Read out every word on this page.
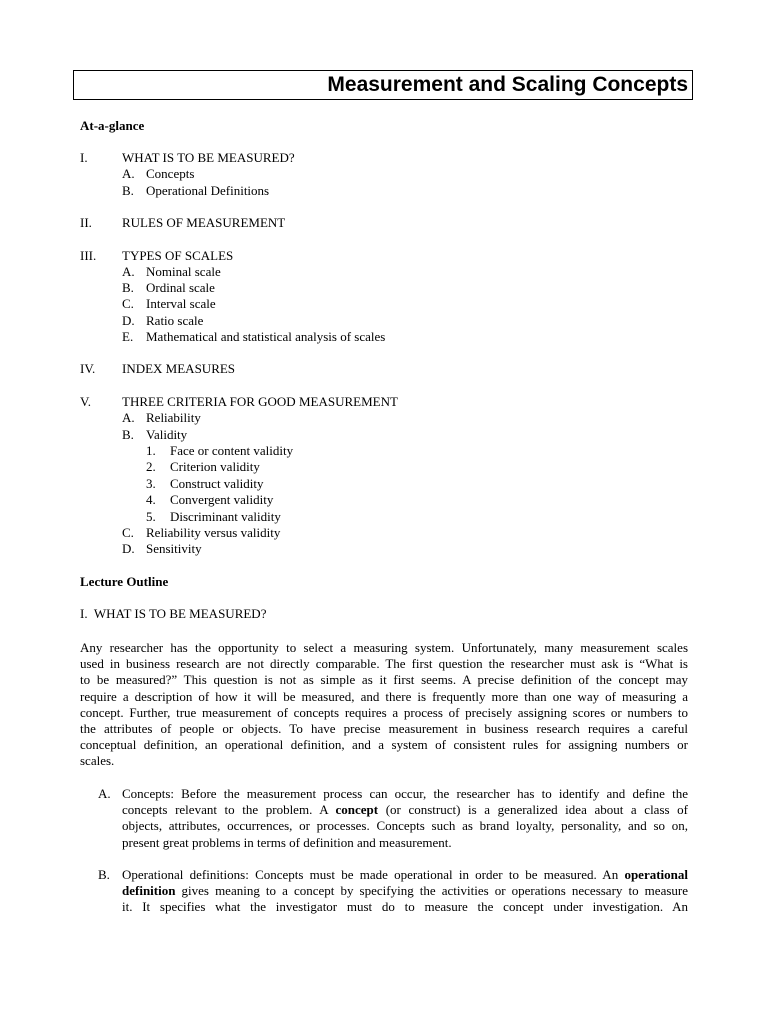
Measurement and Scaling Concepts
At-a-glance
I.	WHAT IS TO BE MEASURED?
A. Concepts
B. Operational Definitions
II. RULES OF MEASUREMENT
III. TYPES OF SCALES
A. Nominal scale
B. Ordinal scale
C. Interval scale
D. Ratio scale
E. Mathematical and statistical analysis of scales
IV. INDEX MEASURES
V. THREE CRITERIA FOR GOOD MEASUREMENT
A. Reliability
B. Validity
1. Face or content validity
2. Criterion validity
3. Construct validity
4. Convergent validity
5. Discriminant validity
C. Reliability versus validity
D. Sensitivity
Lecture Outline
I.  WHAT IS TO BE MEASURED?
Any researcher has the opportunity to select a measuring system. Unfortunately, many measurement scales
used in business research are not directly comparable. The first question the researcher must ask is “What is
to be measured?” This question is not as simple as it first seems. A precise definition of the concept may
require a description of how it will be measured, and there is frequently more than one way of measuring a
concept. Further, true measurement of concepts requires a process of precisely assigning scores or numbers to
the attributes of people or objects. To have precise measurement in business research requires a careful
conceptual definition, an operational definition, and a system of consistent rules for assigning numbers or
scales.
A. Concepts: Before the measurement process can occur, the researcher has to identify and define the
concepts relevant to the problem. A concept (or construct) is a generalized idea about a class of
objects, attributes, occurrences, or processes. Concepts such as brand loyalty, personality, and so on,
present great problems in terms of definition and measurement.
B. Operational definitions: Concepts must be made operational in order to be measured. An operational
definition gives meaning to a concept by specifying the activities or operations necessary to measure
it. It specifies what the investigator must do to measure the concept under investigation. An
